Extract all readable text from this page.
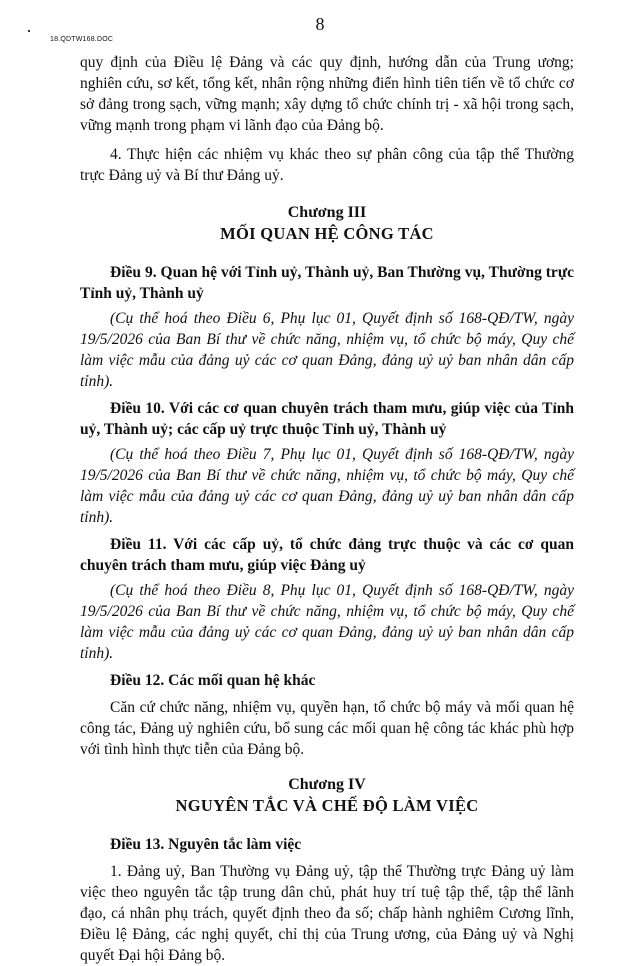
18.QDTW168.DOC
8

quy định của Điều lệ Đảng và các quy định, hướng dẫn của Trung ương; nghiên cứu, sơ kết, tổng kết, nhân rộng những điển hình tiên tiến về tổ chức cơ sở đảng trong sạch, vững mạnh; xây dựng tổ chức chính trị - xã hội trong sạch, vững mạnh trong phạm vi lãnh đạo của Đảng bộ.

4. Thực hiện các nhiệm vụ khác theo sự phân công của tập thể Thường trực Đảng uỷ và Bí thư Đảng uỷ.

Chương III
MỐI QUAN HỆ CÔNG TÁC

Điều 9. Quan hệ với Tỉnh uỷ, Thành uỷ, Ban Thường vụ, Thường trực Tỉnh uỷ, Thành uỷ

(Cụ thể hoá theo Điều 6, Phụ lục 01, Quyết định số 168-QĐ/TW, ngày 19/5/2026 của Ban Bí thư về chức năng, nhiệm vụ, tổ chức bộ máy, Quy chế làm việc mẫu của đảng uỷ các cơ quan Đảng, đảng uỷ uỷ ban nhân dân cấp tỉnh).

Điều 10. Với các cơ quan chuyên trách tham mưu, giúp việc của Tỉnh uỷ, Thành uỷ; các cấp uỷ trực thuộc Tỉnh uỷ, Thành uỷ

(Cụ thể hoá theo Điều 7, Phụ lục 01, Quyết định số 168-QĐ/TW, ngày 19/5/2026 của Ban Bí thư về chức năng, nhiệm vụ, tổ chức bộ máy, Quy chế làm việc mẫu của đảng uỷ các cơ quan Đảng, đảng uỷ uỷ ban nhân dân cấp tỉnh).

Điều 11. Với các cấp uỷ, tổ chức đảng trực thuộc và các cơ quan chuyên trách tham mưu, giúp việc Đảng uỷ

(Cụ thể hoá theo Điều 8, Phụ lục 01, Quyết định số 168-QĐ/TW, ngày 19/5/2026 của Ban Bí thư về chức năng, nhiệm vụ, tổ chức bộ máy, Quy chế làm việc mẫu của đảng uỷ các cơ quan Đảng, đảng uỷ uỷ ban nhân dân cấp tỉnh).

Điều 12. Các mối quan hệ khác

Căn cứ chức năng, nhiệm vụ, quyền hạn, tổ chức bộ máy và mối quan hệ công tác, Đảng uỷ nghiên cứu, bổ sung các mối quan hệ công tác khác phù hợp với tình hình thực tiễn của Đảng bộ.

Chương IV
NGUYÊN TẮC VÀ CHẾ ĐỘ LÀM VIỆC

Điều 13. Nguyên tắc làm việc

1. Đảng uỷ, Ban Thường vụ Đảng uỷ, tập thể Thường trực Đảng uỷ làm việc theo nguyên tắc tập trung dân chủ, phát huy trí tuệ tập thể, tập thể lãnh đạo, cá nhân phụ trách, quyết định theo đa số; chấp hành nghiêm Cương lĩnh, Điều lệ Đảng, các nghị quyết, chỉ thị của Trung ương, của Đảng uỷ và Nghị quyết Đại hội Đảng bộ.
